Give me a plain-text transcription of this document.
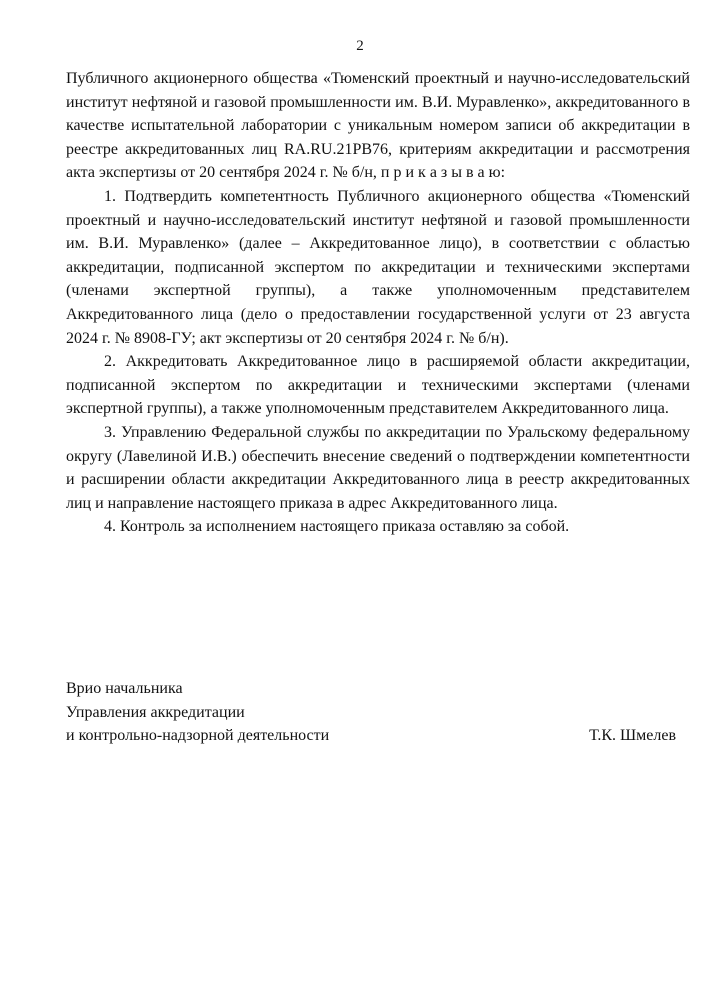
2

Публичного акционерного общества «Тюменский проектный и научно-исследовательский институт нефтяной и газовой промышленности им. В.И. Муравленко», аккредитованного в качестве испытательной лаборатории с уникальным номером записи об аккредитации в реестре аккредитованных лиц RA.RU.21РВ76, критериям аккредитации и рассмотрения акта экспертизы от 20 сентября 2024 г. № б/н, п р и к а з ы в а ю:

1. Подтвердить компетентность Публичного акционерного общества «Тюменский проектный и научно-исследовательский институт нефтяной и газовой промышленности им. В.И. Муравленко» (далее – Аккредитованное лицо), в соответствии с областью аккредитации, подписанной экспертом по аккредитации и техническими экспертами (членами экспертной группы), а также уполномоченным представителем Аккредитованного лица (дело о предоставлении государственной услуги от 23 августа 2024 г. № 8908-ГУ; акт экспертизы от 20 сентября 2024 г. № б/н).

2. Аккредитовать Аккредитованное лицо в расширяемой области аккредитации, подписанной экспертом по аккредитации и техническими экспертами (членами экспертной группы), а также уполномоченным представителем Аккредитованного лица.

3. Управлению Федеральной службы по аккредитации по Уральскому федеральному округу (Лавелиной И.В.) обеспечить внесение сведений о подтверждении компетентности и расширении области аккредитации Аккредитованного лица в реестр аккредитованных лиц и направление настоящего приказа в адрес Аккредитованного лица.

4. Контроль за исполнением настоящего приказа оставляю за собой.

Врио начальника
Управления аккредитации
и контрольно-надзорной деятельности	Т.К. Шмелев
